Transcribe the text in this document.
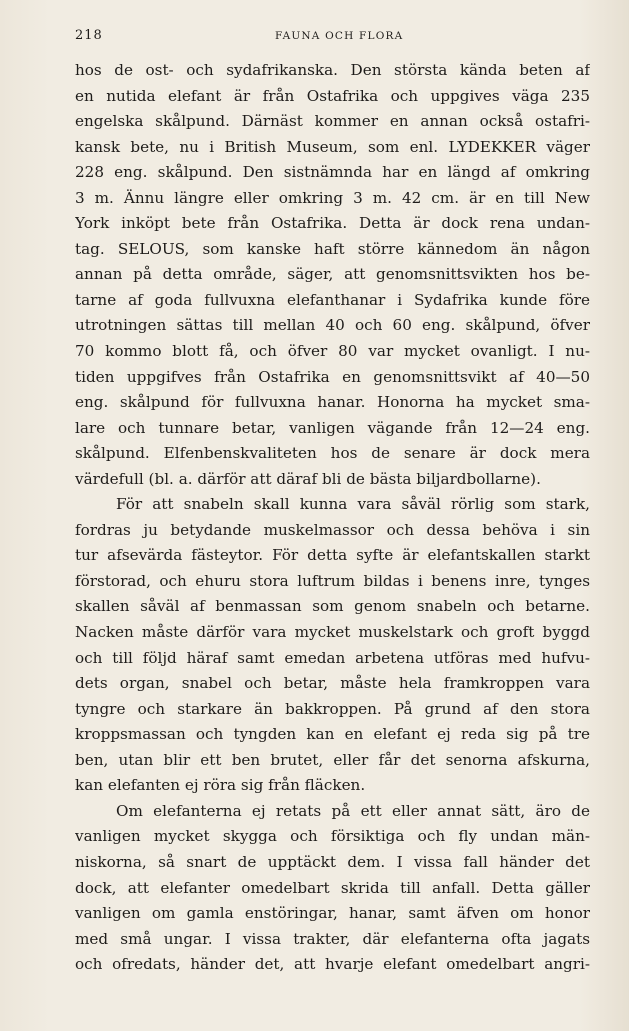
218	FAUNA OCH FLORA
hos de ost- och sydafrikanska. Den största kända beten af
en nutida elefant är från Ostafrika och uppgives väga 235
engelska skålpund. Därnäst kommer en annan också ostafri-
kansk bete, nu i British Museum, som enl. LYDEKKER väger
228 eng. skålpund. Den sistnämnda har en längd af omkring
3 m. Ännu längre eller omkring 3 m. 42 cm. är en till New
York inköpt bete från Ostafrika. Detta är dock rena undan-
tag. SELOUS, som kanske haft större kännedom än någon
annan på detta område, säger, att genomsnittsvikten hos be-
tarne af goda fullvuxna elefanthanar i Sydafrika kunde före
utrotningen sättas till mellan 40 och 60 eng. skålpund, öfver
70 kommo blott få, och öfver 80 var mycket ovanligt. I nu-
tiden uppgifves från Ostafrika en genomsnittsvikt af 40—50
eng. skålpund för fullvuxna hanar. Honorna ha mycket sma-
lare och tunnare betar, vanligen vägande från 12—24 eng.
skålpund. Elfenbenskvaliteten hos de senare är dock mera
värdefull (bl. a. därför att däraf bli de bästa biljardbollarne).
För att snabeln skall kunna vara såväl rörlig som stark,
fordras ju betydande muskelmassor och dessa behöva i sin
tur afsevärda fästeytor. För detta syfte är elefantskallen starkt
förstorad, och ehuru stora luftrum bildas i benens inre, tynges
skallen såväl af benmassan som genom snabeln och betarne.
Nacken måste därför vara mycket muskelstark och groft byggd
och till följd häraf samt emedan arbetena utföras med hufvu-
dets organ, snabel och betar, måste hela framkroppen vara
tyngre och starkare än bakkroppen. På grund af den stora
kroppsmassan och tyngden kan en elefant ej reda sig på tre
ben, utan blir ett ben brutet, eller får det senorna afskurna,
kan elefanten ej röra sig från fläcken.
Om elefanterna ej retats på ett eller annat sätt, äro de
vanligen mycket skygga och försiktiga och fly undan män-
niskorna, så snart de upptäckt dem. I vissa fall händer det
dock, att elefanter omedelbart skrida till anfall. Detta gäller
vanligen om gamla enstöringar, hanar, samt äfven om honor
med små ungar. I vissa trakter, där elefanterna ofta jagats
och ofredats, händer det, att hvarje elefant omedelbart angri-
